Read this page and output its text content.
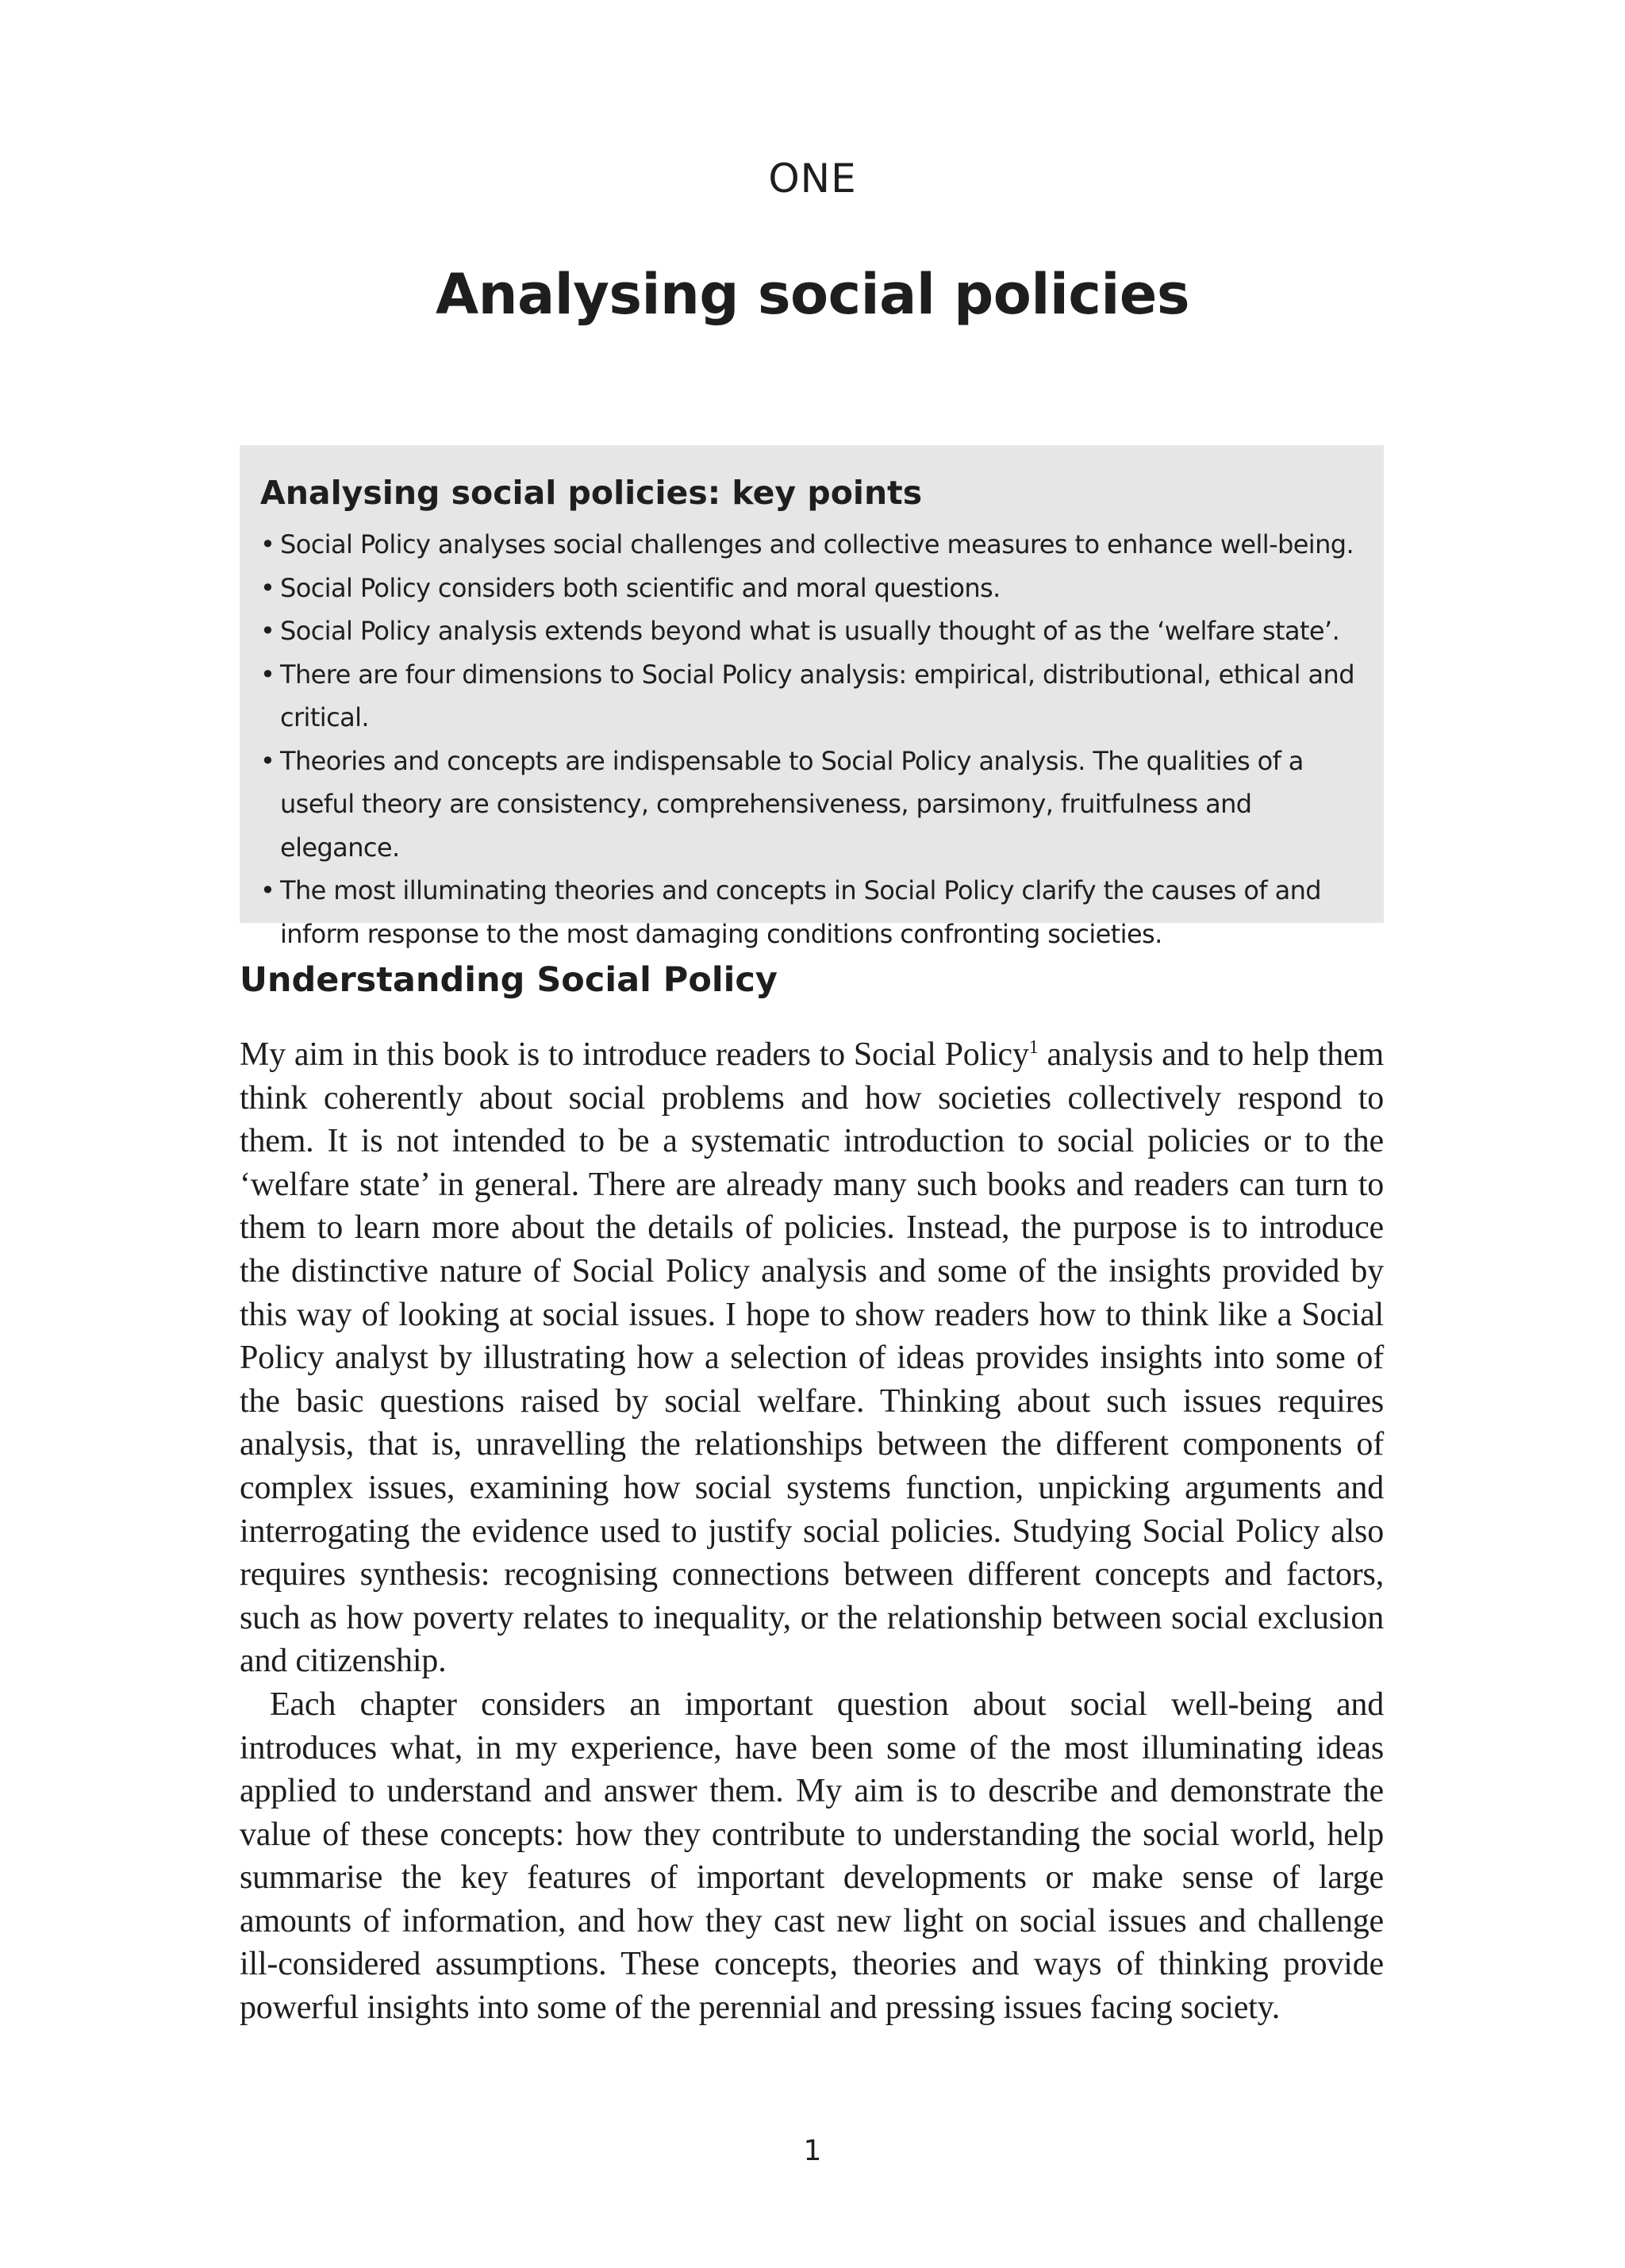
ONE
Analysing social policies
Analysing social policies: key points
• Social Policy analyses social challenges and collective measures to enhance well-being.
• Social Policy considers both scientific and moral questions.
• Social Policy analysis extends beyond what is usually thought of as the ‘welfare state’.
• There are four dimensions to Social Policy analysis: empirical, distributional, ethical and critical.
• Theories and concepts are indispensable to Social Policy analysis. The qualities of a useful theory are consistency, comprehensiveness, parsimony, fruitfulness and elegance.
• The most illuminating theories and concepts in Social Policy clarify the causes of and inform response to the most damaging conditions confronting societies.
Understanding Social Policy

My aim in this book is to introduce readers to Social Policy$^1$ analysis and to help them think coherently about social problems and how societies collectively respond to them. It is not intended to be a systematic introduction to social policies or to the ‘welfare state’ in general. There are already many such books and readers can turn to them to learn more about the details of policies. Instead, the purpose is to introduce the distinctive nature of Social Policy analysis and some of the insights provided by this way of looking at social issues. I hope to show readers how to think like a Social Policy analyst by illustrating how a selection of ideas provides insights into some of the basic questions raised by social welfare. Thinking about such issues requires analysis, that is, unravelling the relationships between the different components of complex issues, examining how social systems function, unpicking arguments and interrogating the evidence used to justify social policies. Studying Social Policy also requires synthesis: recognising connections between different concepts and factors, such as how poverty relates to inequality, or the relationship between social exclusion and citizenship.

Each chapter considers an important question about social well-being and introduces what, in my experience, have been some of the most illuminating ideas applied to understand and answer them. My aim is to describe and demonstrate the value of these concepts: how they contribute to understanding the social world, help summarise the key features of important developments or make sense of large amounts of information, and how they cast new light on social issues and challenge ill-considered assumptions. These concepts, theories and ways of thinking provide powerful insights into some of the perennial and pressing issues facing society.

1
